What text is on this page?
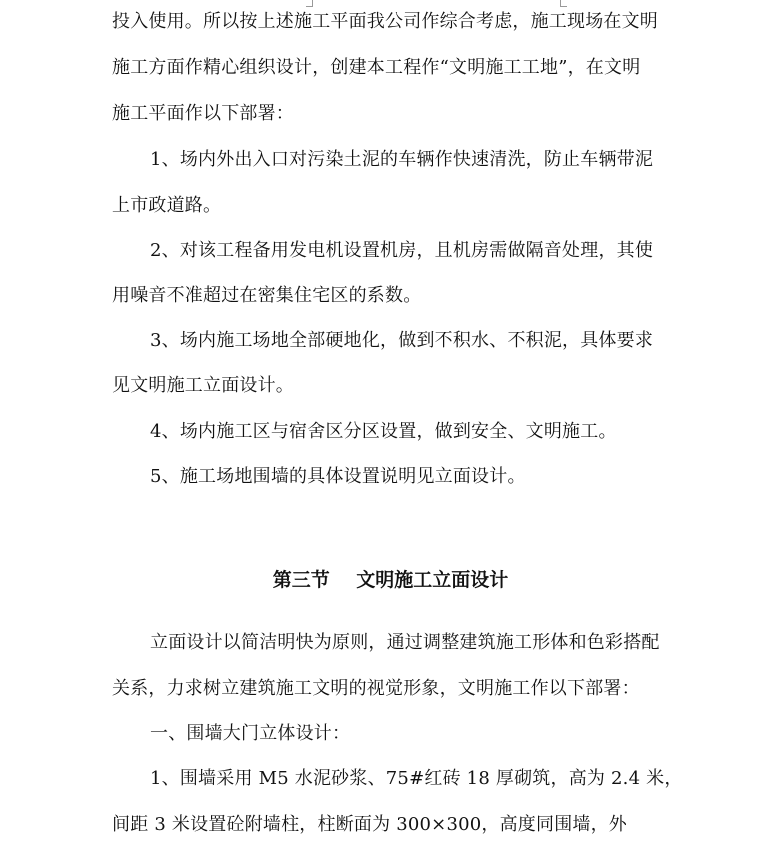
投入使用。所以按上述施工平面我公司作综合考虑，施工现场在文明
施工方面作精心组织设计，创建本工程作“文明施工工地”，在文明
施工平面作以下部署：
1、场内外出入口对污染土泥的车辆作快速清洗，防止车辆带泥
上市政道路。
2、对该工程备用发电机设置机房，且机房需做隔音处理，其使
用噪音不准超过在密集住宅区的系数。
3、场内施工场地全部硬地化，做到不积水、不积泥，具体要求
见文明施工立面设计。
4、场内施工区与宿舍区分区设置，做到安全、文明施工。
5、施工场地围墙的具体设置说明见立面设计。
第三节    文明施工立面设计
立面设计以简洁明快为原则，通过调整建筑施工形体和色彩搭配
关系，力求树立建筑施工文明的视觉形象，文明施工作以下部署：
一、围墙大门立体设计：
1、围墙采用 M5 水泥砂浆、75#红砖 18 厚砌筑，高为 2.4 米，
间距 3 米设置砼附墙柱，柱断面为 300×300，高度同围墙，外
